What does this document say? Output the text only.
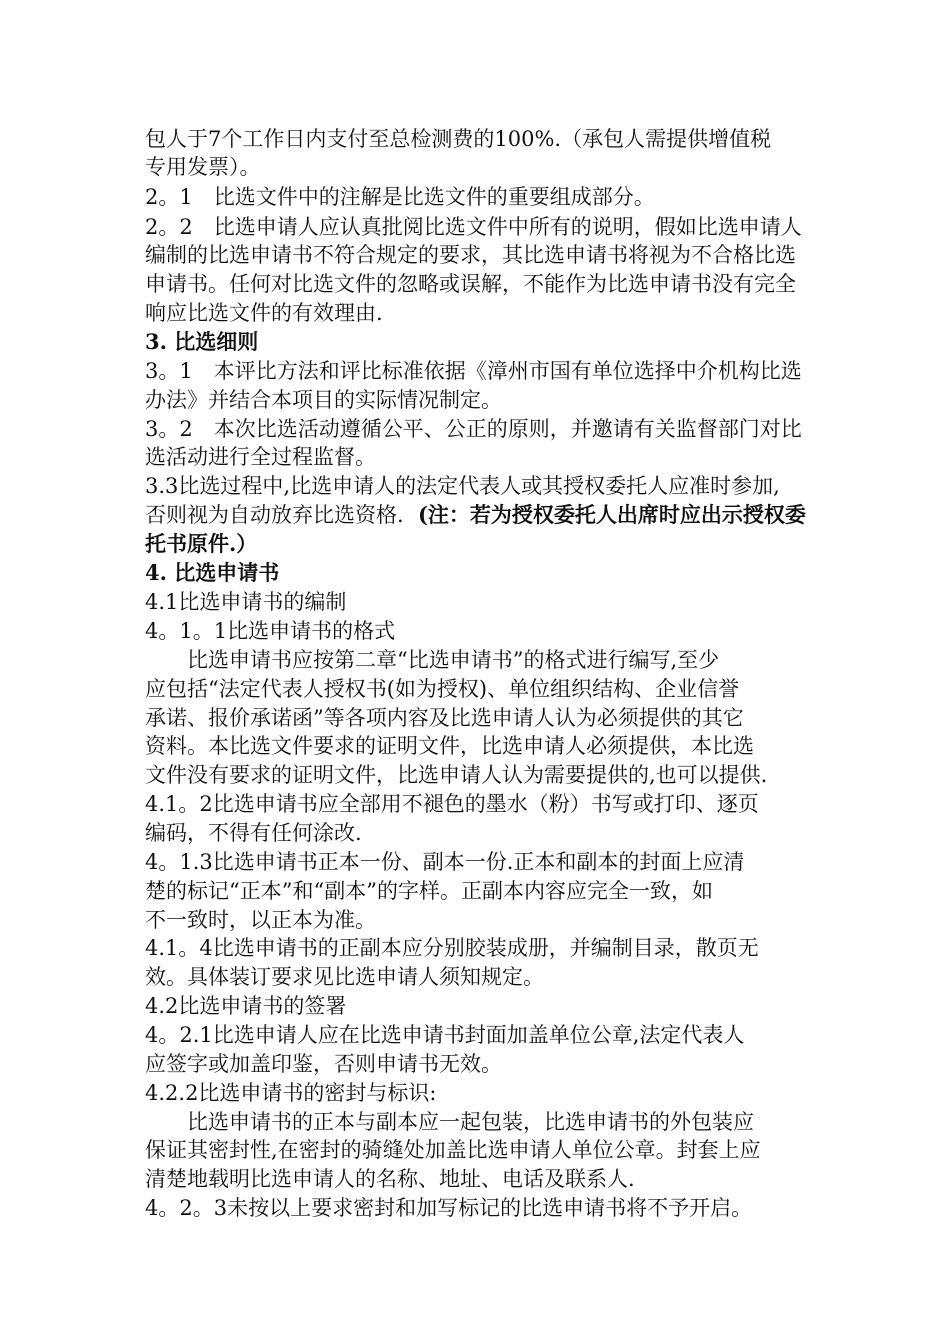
包人于7个工作日内支付至总检测费的100%.（承包人需提供增值税
专用发票）。
2。1　比选文件中的注解是比选文件的重要组成部分。
2。2　比选申请人应认真批阅比选文件中所有的说明，假如比选申请人
编制的比选申请书不符合规定的要求，其比选申请书将视为不合格比选
申请书。任何对比选文件的忽略或误解，不能作为比选申请书没有完全
响应比选文件的有效理由.
3. 比选细则
3。1　本评比方法和评比标准依据《漳州市国有单位选择中介机构比选
办法》并结合本项目的实际情况制定。
3。2　本次比选活动遵循公平、公正的原则，并邀请有关监督部门对比
选活动进行全过程监督。
3.3比选过程中,比选申请人的法定代表人或其授权委托人应准时参加,
否则视为自动放弃比选资格. (注：若为授权委托人出席时应出示授权委
托书原件.）
4. 比选申请书
4.1比选申请书的编制
4。1。1比选申请书的格式
　　比选申请书应按第二章“比选申请书”的格式进行编写,至少
应包括“法定代表人授权书(如为授权)、单位组织结构、企业信誉
承诺、报价承诺函”等各项内容及比选申请人认为必须提供的其它
资料。本比选文件要求的证明文件，比选申请人必须提供，本比选
文件没有要求的证明文件，比选申请人认为需要提供的,也可以提供.
4.1。2比选申请书应全部用不褪色的墨水（粉）书写或打印、逐页
编码，不得有任何涂改.
4。1.3比选申请书正本一份、副本一份.正本和副本的封面上应清
楚的标记“正本”和“副本”的字样。正副本内容应完全一致，如
不一致时，以正本为准。
4.1。4比选申请书的正副本应分别胶装成册，并编制目录，散页无
效。具体装订要求见比选申请人须知规定。
4.2比选申请书的签署
4。2.1比选申请人应在比选申请书封面加盖单位公章,法定代表人
应签字或加盖印鉴，否则申请书无效。
4.2.2比选申请书的密封与标识:
　　比选申请书的正本与副本应一起包装，比选申请书的外包装应
保证其密封性,在密封的骑缝处加盖比选申请人单位公章。封套上应
清楚地载明比选申请人的名称、地址、电话及联系人.
4。2。3未按以上要求密封和加写标记的比选申请书将不予开启。
